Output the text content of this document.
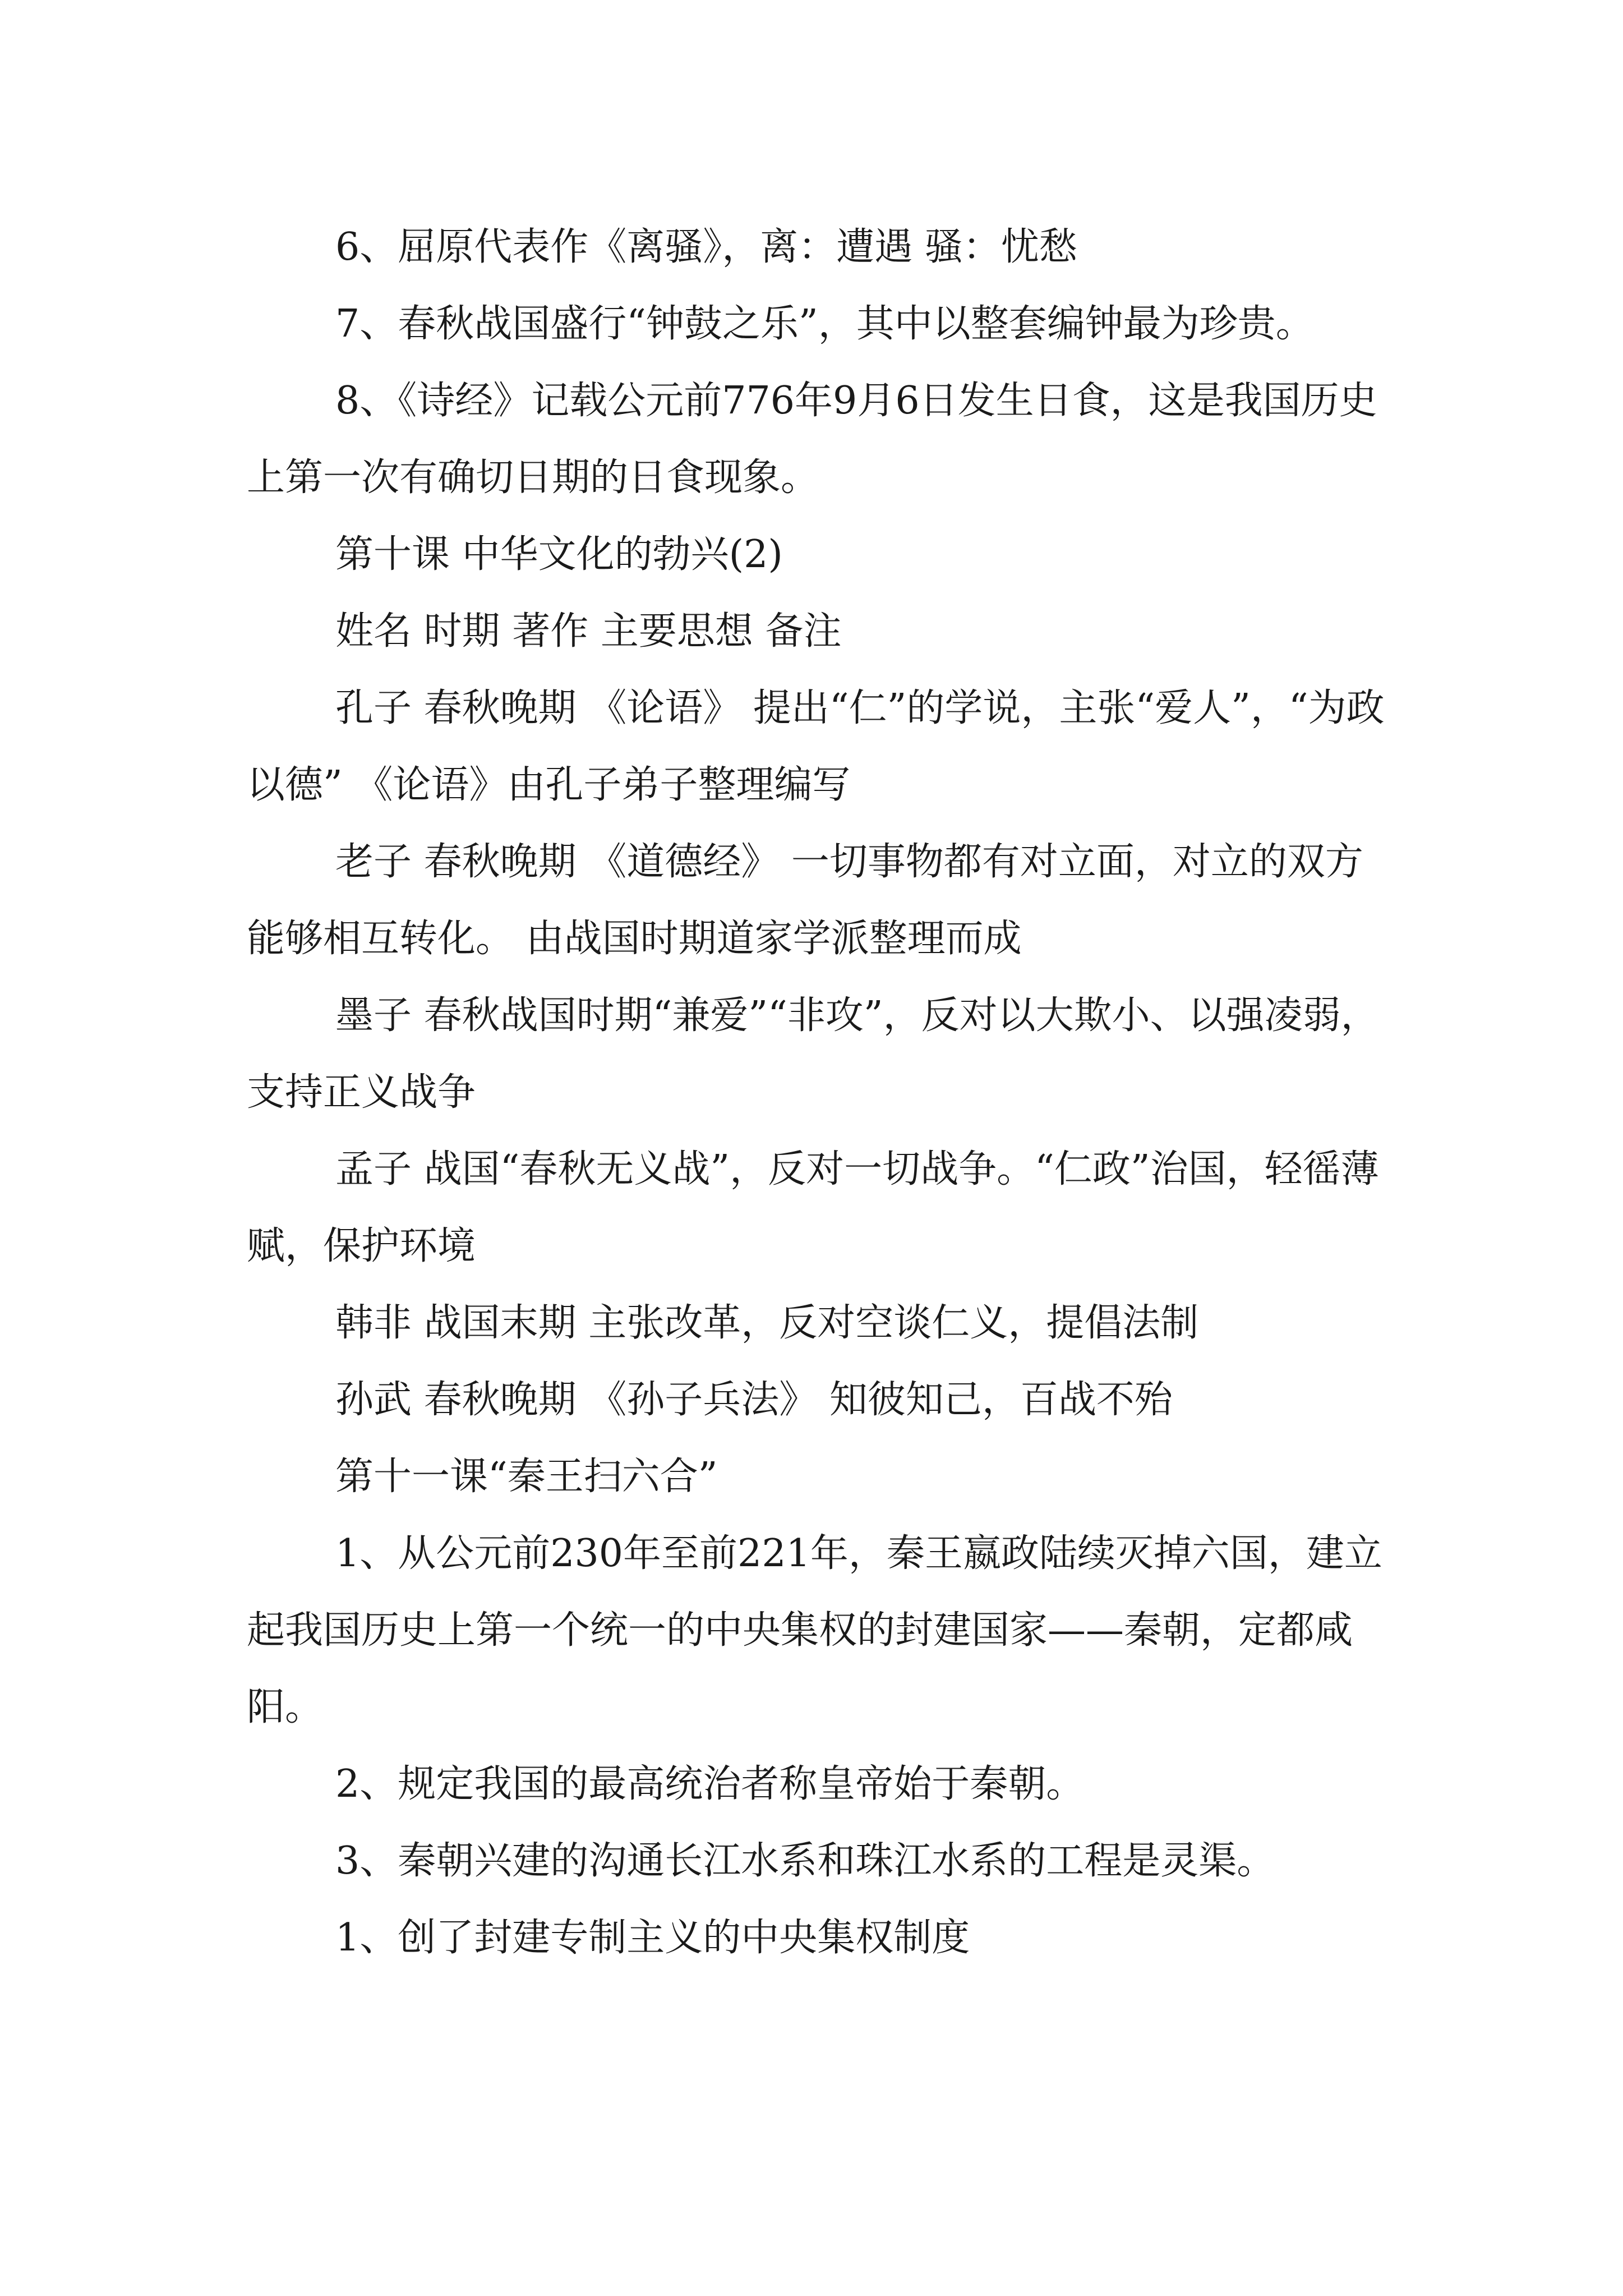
6、屈原代表作《离骚》，离：遭遇 骚：忧愁

7、春秋战国盛行“钟鼓之乐”，其中以整套编钟最为珍贵。

8、《诗经》记载公元前776年9月6日发生日食，这是我国历史上第一次有确切日期的日食现象。

第十课 中华文化的勃兴(2)

姓名 时期 著作 主要思想 备注

孔子 春秋晚期 《论语》 提出“仁”的学说，主张“爱人”，“为政以德” 《论语》由孔子弟子整理编写

老子 春秋晚期 《道德经》 一切事物都有对立面，对立的双方能够相互转化。 由战国时期道家学派整理而成

墨子 春秋战国时期“兼爱”“非攻”，反对以大欺小、以强凌弱，支持正义战争

孟子 战国“春秋无义战”，反对一切战争。“仁政”治国，轻徭薄赋，保护环境

韩非 战国末期 主张改革，反对空谈仁义，提倡法制

孙武 春秋晚期 《孙子兵法》 知彼知己，百战不殆

第十一课“秦王扫六合”

1、从公元前230年至前221年，秦王嬴政陆续灭掉六国，建立起我国历史上第一个统一的中央集权的封建国家——秦朝，定都咸阳。

2、规定我国的最高统治者称皇帝始于秦朝。

3、秦朝兴建的沟通长江水系和珠江水系的工程是灵渠。

1、创了封建专制主义的中央集权制度
